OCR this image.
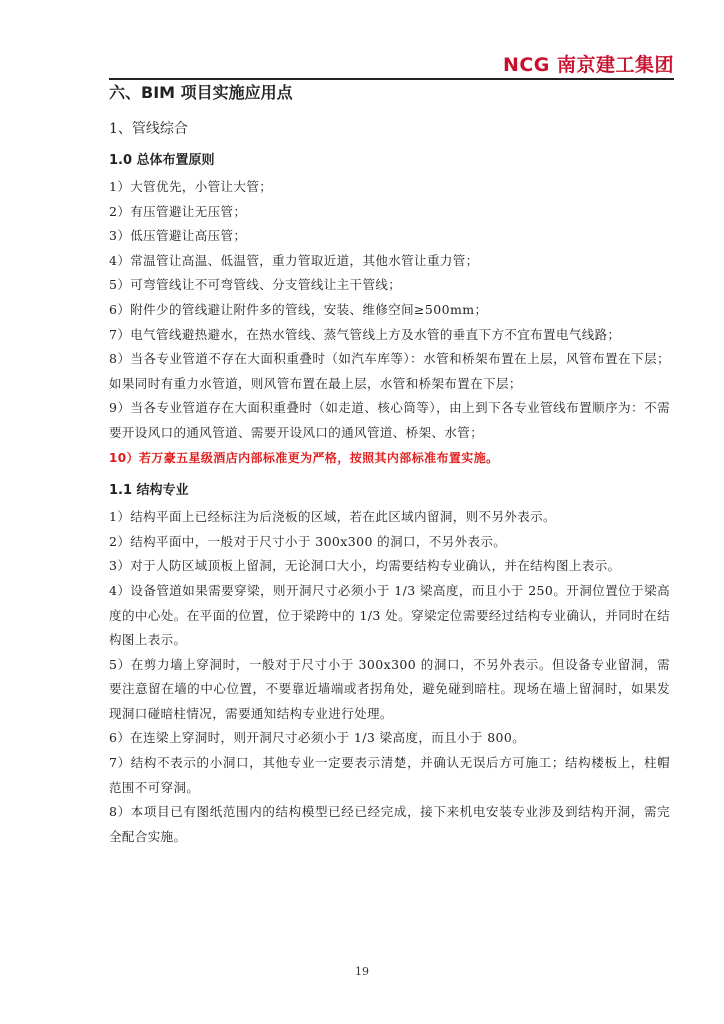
NCG 南京建工集团
六、BIM 项目实施应用点
1、管线综合
1.0 总体布置原则
1）大管优先，小管让大管；
2）有压管避让无压管；
3）低压管避让高压管；
4）常温管让高温、低温管，重力管取近道，其他水管让重力管；
5）可弯管线让不可弯管线、分支管线让主干管线；
6）附件少的管线避让附件多的管线，安装、维修空间≥500mm；
7）电气管线避热避水，在热水管线、蒸气管线上方及水管的垂直下方不宜布置电气线路；
8）当各专业管道不存在大面积重叠时（如汽车库等）：水管和桥架布置在上层，风管布置在下层；如果同时有重力水管道，则风管布置在最上层，水管和桥架布置在下层；
9）当各专业管道存在大面积重叠时（如走道、核心筒等），由上到下各专业管线布置顺序为：不需要开设风口的通风管道、需要开设风口的通风管道、桥架、水管；
10）若万豪五星级酒店内部标准更为严格，按照其内部标准布置实施。
1.1 结构专业
1）结构平面上已经标注为后浇板的区域，若在此区域内留洞，则不另外表示。
2）结构平面中，一般对于尺寸小于 300x300 的洞口，不另外表示。
3）对于人防区域顶板上留洞，无论洞口大小，均需要结构专业确认，并在结构图上表示。
4）设备管道如果需要穿梁，则开洞尺寸必须小于 1/3 梁高度，而且小于 250。开洞位置位于梁高度的中心处。在平面的位置，位于梁跨中的 1/3 处。穿梁定位需要经过结构专业确认，并同时在结构图上表示。
5）在剪力墙上穿洞时，一般对于尺寸小于 300x300 的洞口，不另外表示。但设备专业留洞，需要注意留在墙的中心位置，不要靠近墙端或者拐角处，避免碰到暗柱。现场在墙上留洞时，如果发现洞口碰暗柱情况，需要通知结构专业进行处理。
6）在连梁上穿洞时，则开洞尺寸必须小于 1/3 梁高度，而且小于 800。
7）结构不表示的小洞口，其他专业一定要表示清楚，并确认无误后方可施工；结构楼板上，柱帽范围不可穿洞。
8）本项目已有图纸范围内的结构模型已经已经完成，接下来机电安装专业涉及到结构开洞，需完全配合实施。
19
